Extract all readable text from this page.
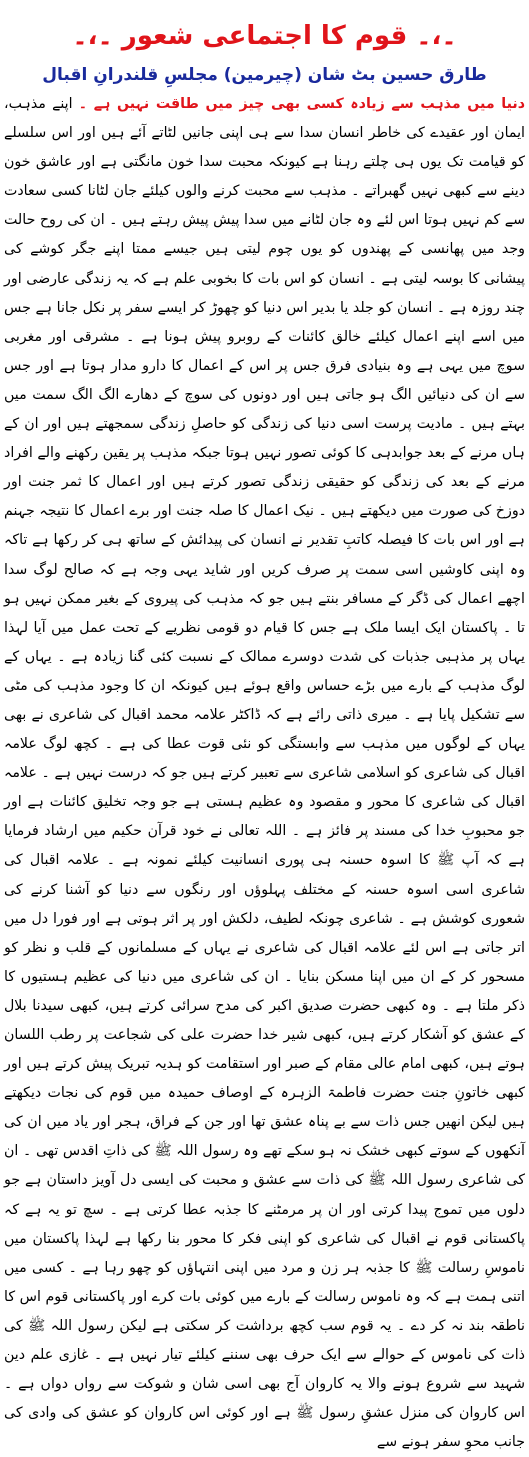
۔،۔ قوم کا اجتماعی شعور ۔،۔
طارق حسین بٹ شان (چیرمین) مجلسِ قلندرانِ اقبال
دنیا میں مذہب سے زیادہ کسی بھی چیز میں طاقت نہیں ہے ۔ اپنے مذہب، ایمان اور عقیدے کی خاطر انسان سدا سے ہی اپنی جانیں لٹاتے آئے ہیں اور اس سلسلے کو قیامت تک یوں ہی چلتے رہنا ہے کیونکہ محبت سدا خون مانگتی ہے اور عاشق خون دینے سے کبھی نہیں گھبراتے ۔ مذہب سے محبت کرنے والوں کیلئے جان لٹانا کسی سعادت سے کم نہیں ہوتا اس لئے وہ جان لٹانے میں سدا پیش پیش رہتے ہیں ۔ ان کی روح حالت وجد میں پھانسی کے پھندوں کو یوں چوم لیتی ہیں جیسے ممتا اپنے جگر کوشے کی پیشانی کا بوسہ لیتی ہے ۔ انسان کو اس بات کا بخوبی علم ہے کہ یہ زندگی عارضی اور چند روزہ ہے ۔ انسان کو جلد یا بدیر اس دنیا کو چھوڑ کر ایسے سفر پر نکل جانا ہے جس میں اسے اپنے اعمال کیلئے خالق کائنات کے روبرو پیش ہونا ہے ۔ مشرقی اور مغربی سوچ میں یہی ہے وہ بنیادی فرق جس پر اس کے اعمال کا دارو مدار ہوتا ہے اور جس سے ان کی دنیائیں الگ ہو جاتی ہیں اور دونوں کی سوچ کے دھارے الگ الگ سمت میں بہتے ہیں ۔ مادیت پرست اسی دنیا کی زندگی کو حاصلِ زندگی سمجھتے ہیں اور ان کے ہاں مرنے کے بعد جوابدہی کا کوئی تصور نہیں ہوتا جبکہ مذہب پر یقین رکھنے والے افراد مرنے کے بعد کی زندگی کو حقیقی زندگی تصور کرتے ہیں اور اعمال کا ثمر جنت اور دوزخ کی صورت میں دیکھتے ہیں ۔ نیک اعمال کا صلہ جنت اور برے اعمال کا نتیجہ جہنم ہے اور اس بات کا فیصلہ کاتبِ تقدیر نے انسان کی پیدائش کے ساتھ ہی کر رکھا ہے تاکہ وہ اپنی کاوشیں اسی سمت پر صرف کریں اور شاید یہی وجہ ہے کہ صالح لوگ سدا اچھے اعمال کی ڈگر کے مسافر بنتے ہیں جو کہ مذہب کی پیروی کے بغیر ممکن نہیں ہو تا ۔ پاکستان ایک ایسا ملک ہے جس کا قیام دو قومی نظریے کے تحت عمل میں آیا لہذا یہاں پر مذہبی جذبات کی شدت دوسرے ممالک کے نسبت کئی گنا زیادہ ہے ۔ یہاں کے لوگ مذہب کے بارے میں بڑے حساس واقع ہوئے ہیں کیونکہ ان کا وجود مذہب کی مٹی سے تشکیل پایا ہے ۔ میری ذاتی رائے ہے کہ ڈاکٹر علامہ محمد اقبال کی شاعری نے بھی یہاں کے لوگوں میں مذہب سے وابستگی کو نئی قوت عطا کی ہے ۔ کچھ لوگ علامہ اقبال کی شاعری کو اسلامی شاعری سے تعبیر کرتے ہیں جو کہ درست نہیں ہے ۔ علامہ اقبال کی شاعری کا محور و مقصود وہ عظیم ہستی ہے جو وجہ تخلیق کائنات ہے اور جو محبوبِ خدا کی مسند پر فائز ہے ۔ اللہ تعالی نے خود قرآن حکیم میں ارشاد فرمایا ہے کہ آپ ﷺ کا اسوہ حسنہ ہی پوری انسانیت کیلئے نمونہ ہے ۔ علامہ اقبال کی شاعری اسی اسوہ حسنہ کے مختلف پہلوؤں اور رنگوں سے دنیا کو آشنا کرنے کی شعوری کوشش ہے ۔ شاعری چونکہ لطیف، دلکش اور پر اثر ہوتی ہے اور فورا دل میں اتر جاتی ہے اس لئے علامہ اقبال کی شاعری نے یہاں کے مسلمانوں کے قلب و نظر کو مسحور کر کے ان میں اپنا مسکن بنایا ۔ ان کی شاعری میں دنیا کی عظیم ہستیوں کا ذکر ملتا ہے ۔ وہ کبھی حضرت صدیق اکبر کی مدح سرائی کرتے ہیں، کبھی سیدنا بلال کے عشق کو آشکار کرتے ہیں، کبھی شیر خدا حضرت علی کی شجاعت پر رطب اللسان ہوتے ہیں، کبھی امام عالی مقام کے صبر اور استقامت کو ہدیہ تبریک پیش کرتے ہیں اور کبھی خاتونِ جنت حضرت فاطمۃ الزہرہ کے اوصاف حمیدہ میں قوم کی نجات دیکھتے ہیں لیکن انھیں جس ذات سے بے پناہ عشق تھا اور جن کے فراق، ہجر اور یاد میں ان کی آنکھوں کے سوتے کبھی خشک نہ ہو سکے تھے وہ رسول اللہ ﷺ کی ذاتِ اقدس تھی ۔ ان کی شاعری رسول اللہ ﷺ کی ذات سے عشق و محبت کی ایسی دل آویز داستان ہے جو دلوں میں تموج پیدا کرتی اور ان پر مرمٹنے کا جذبہ عطا کرتی ہے ۔ سچ تو یہ ہے کہ پاکستانی قوم نے اقبال کی شاعری کو اپنی فکر کا محور بنا رکھا ہے لہذا پاکستان میں ناموسِ رسالت ﷺ کا جذبہ ہر زن و مرد میں اپنی انتہاؤں کو چھو رہا ہے ۔ کسی میں اتنی ہمت ہے کہ وہ ناموس رسالت کے بارے میں کوئی بات کرے اور پاکستانی قوم اس کا ناطقہ بند نہ کر دے ۔ یہ قوم سب کچھ برداشت کر سکتی ہے لیکن رسول اللہ ﷺ کی ذات کی ناموس کے حوالے سے ایک حرف بھی سننے کیلئے تیار نہیں ہے ۔ غازی علم دین شہید سے شروع ہونے والا یہ کاروان آج بھی اسی شان و شوکت سے رواں دواں ہے ۔ اس کاروان کی منزل عشقِ رسول ﷺ ہے اور کوئی اس کاروان کو عشق کی وادی کی جانب محوِ سفر ہونے سے
